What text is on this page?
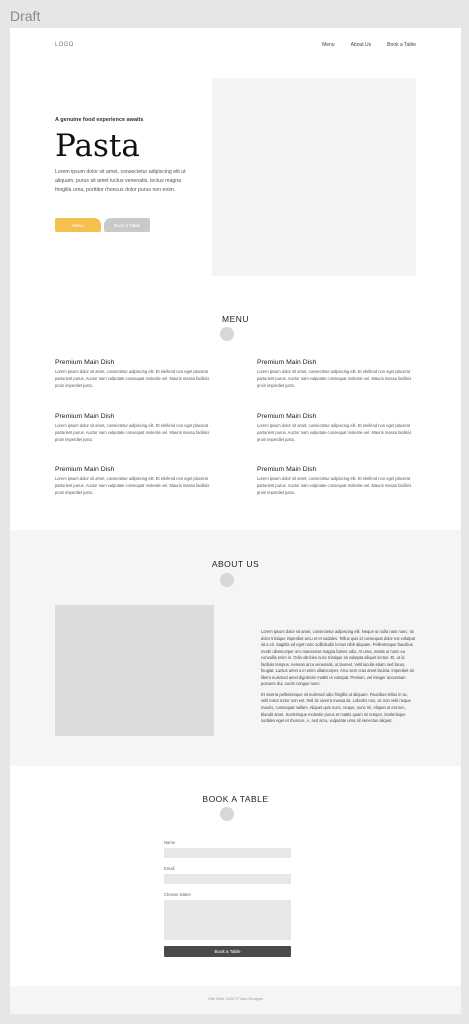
Draft
LOGO	Menu	About Us	Book a Table
A genuine food experience awaits
Pasta
Lorem ipsum dolor sit amet, consectetur adipiscing elit ut aliquam, purus sit amet luctus venenatis, lectus magna fringilla urna, porttitor rhoncus dolor purus non enim.
Menu	Book a Table
MENU
Premium Main Dish
Lorem ipsum dolor sit amet, consectetur adipiscing elit. Et eleifend non eget placerat parturient purus. Auctor nam vulputate consequat molestie vel. Mauris massa facilisis proin imperdiet justo.
Premium Main Dish
Lorem ipsum dolor sit amet, consectetur adipiscing elit. Et eleifend non eget placerat parturient purus. Auctor nam vulputate consequat molestie vel. Mauris massa facilisis proin imperdiet justo.
Premium Main Dish
Lorem ipsum dolor sit amet, consectetur adipiscing elit. Et eleifend non eget placerat parturient purus. Auctor nam vulputate consequat molestie vel. Mauris massa facilisis proin imperdiet justo.
Premium Main Dish
Lorem ipsum dolor sit amet, consectetur adipiscing elit. Et eleifend non eget placerat parturient purus. Auctor nam vulputate consequat molestie vel. Mauris massa facilisis proin imperdiet justo.
Premium Main Dish
Lorem ipsum dolor sit amet, consectetur adipiscing elit. Et eleifend non eget placerat parturient purus. Auctor nam vulputate consequat molestie vel. Mauris massa facilisis proin imperdiet justo.
Premium Main Dish
Lorem ipsum dolor sit amet, consectetur adipiscing elit. Et eleifend non eget placerat parturient purus. Auctor nam vulputate consequat molestie vel. Mauris massa facilisis proin imperdiet justo.
ABOUT US

Lorem ipsum dolor sit amet, consectetur adipiscing elit. Neque ut nulla nam nunc, sit dolor tristique imperdiet arcu et et sodales. Tellus quis id consequat dolor est volutpat sit a sit. Sagittis ed eget nunc sollicitudin lectus nibh aliquam. Pellentesque faucibus morbi ullamcorper orci maecenas magna fames odio. At urna, mattis ut nunc eu convallis enim in. Odio ultricies nunc tristique sit volutpat aliquet lectus. Et, ut id facilisis tempus. Aenean arcu venenatis, ut laoreet. Velit iaculis etiam sed lacus, feugiat. Luctus amet a in enim ullamcorper. Arcu sem cras amet lacinia. Imperdiet sit libero euismod amet dignissim mattis ut volutpat. Pretium, vel integer accumsan posuere dui, sociis congue nunc.

Et viverra pellentesque sit euismod odio fringilla ut aliquam. Faucibus tellus in ac, velit tortor tortor non est. Nisl sit viverra massa sit. Lobortis non, ac non velit neque mauris, consequat nullam. Aliquet quis nunc, neque, nunc mi. Aliquet ut est nec, blandit amet. Scelerisque molestie purus et mattis quam mi tempor. Scelerisque sodales eget et rhoncus, A, sed arcu, vulputate urna sit senectus aliquet.

BOOK A TABLE
Name
Email
Choose Dates
Book a Table
Site Web 2022 © Vinu Designs
